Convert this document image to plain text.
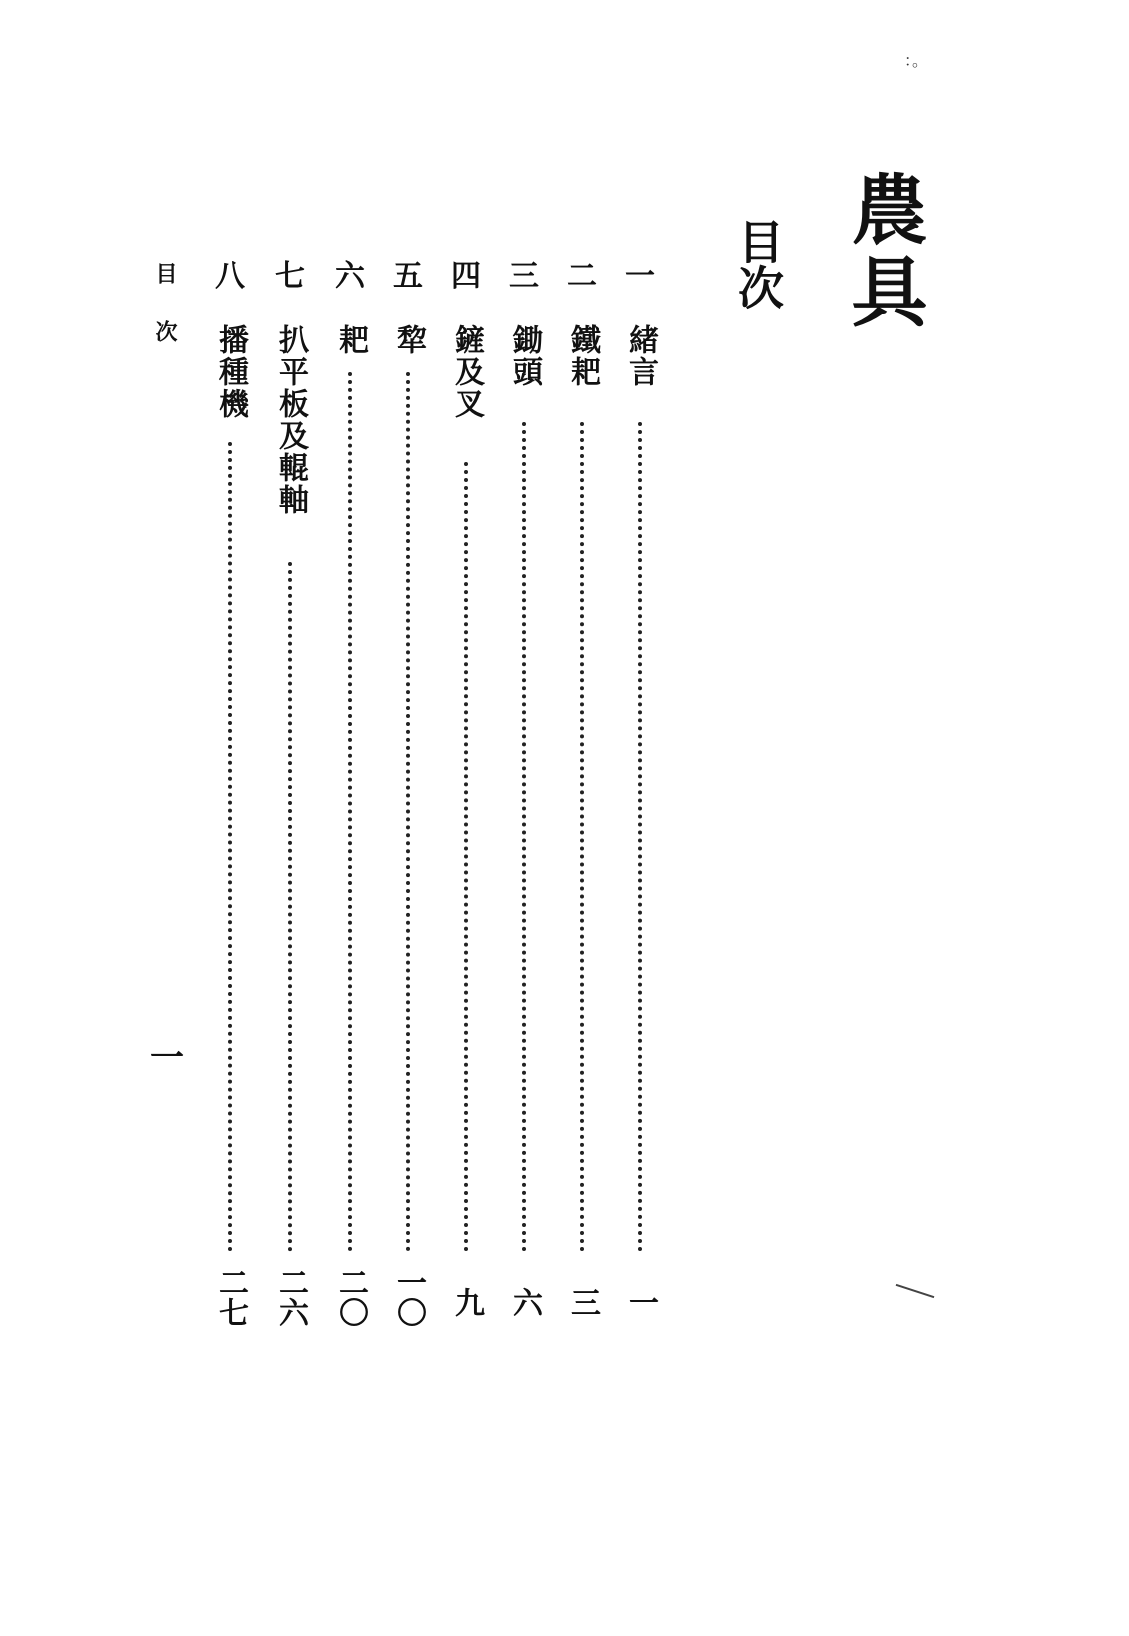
：。
農具
目次
一
緒言
一
二
鐵耙
三
三
鋤頭
六
四
鏟及叉
九
五
犂
一〇
六
耙
二〇
七
扒平板及輥軸
二六
八
播種機
二七
目次
一
